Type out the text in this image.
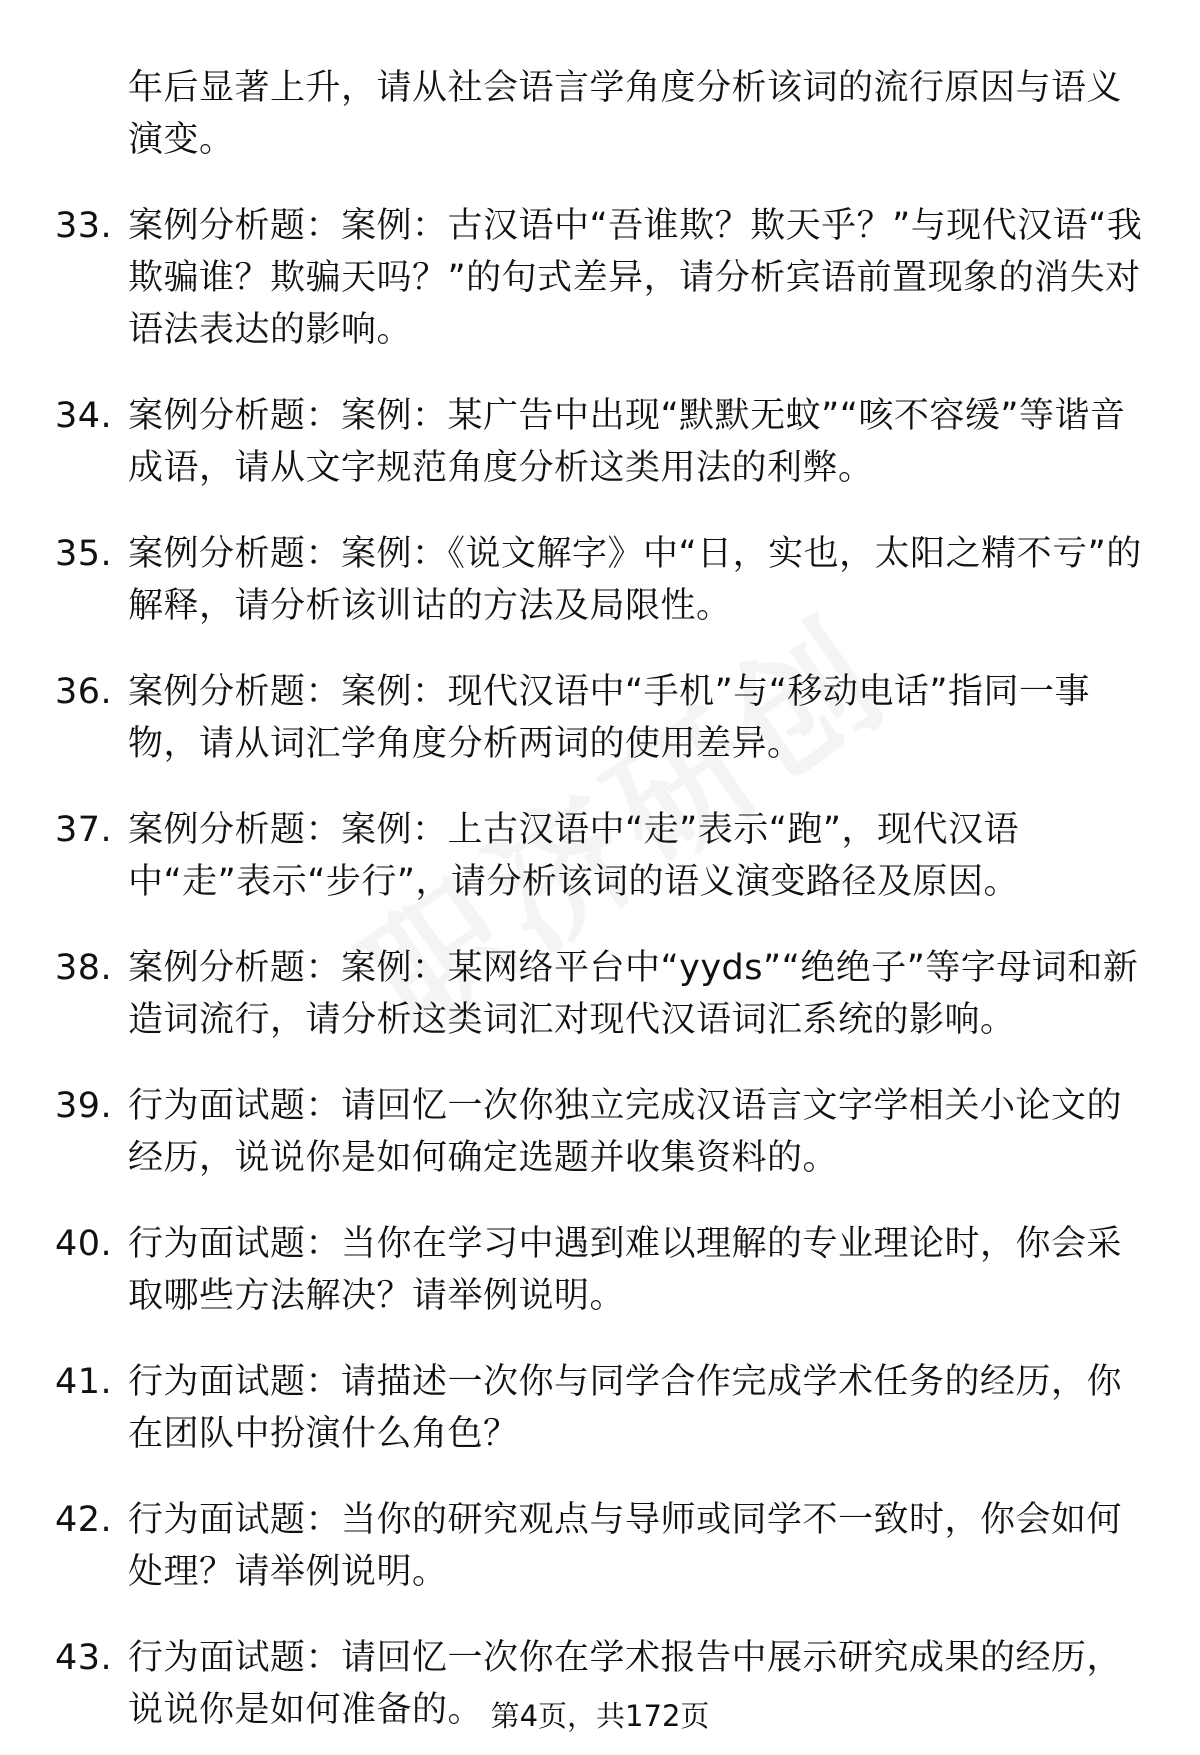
年后显著上升，请从社会语言学角度分析该词的流行原因与语义演变。
33. 案例分析题：案例：古汉语中“吾谁欺？欺天乎？”与现代汉语“我欺骗谁？欺骗天吗？”的句式差异，请分析宾语前置现象的消失对语法表达的影响。
34. 案例分析题：案例：某广告中出现“默默无蚊”“咳不容缓”等谐音成语，请从文字规范角度分析这类用法的利弊。
35. 案例分析题：案例：《说文解字》中“日，实也，太阳之精不亏”的解释，请分析该训诂的方法及局限性。
36. 案例分析题：案例：现代汉语中“手机”与“移动电话”指同一事物，请从词汇学角度分析两词的使用差异。
37. 案例分析题：案例：上古汉语中“走”表示“跑”，现代汉语中“走”表示“步行”，请分析该词的语义演变路径及原因。
38. 案例分析题：案例：某网络平台中“yyds”“绝绝子”等字母词和新造词流行，请分析这类词汇对现代汉语词汇系统的影响。
39. 行为面试题：请回忆一次你独立完成汉语言文字学相关小论文的经历，说说你是如何确定选题并收集资料的。
40. 行为面试题：当你在学习中遇到难以理解的专业理论时，你会采取哪些方法解决？请举例说明。
41. 行为面试题：请描述一次你与同学合作完成学术任务的经历，你在团队中扮演什么角色？
42. 行为面试题：当你的研究观点与导师或同学不一致时，你会如何处理？请举例说明。
43. 行为面试题：请回忆一次你在学术报告中展示研究成果的经历，说说你是如何准备的。 第4页，共172页
